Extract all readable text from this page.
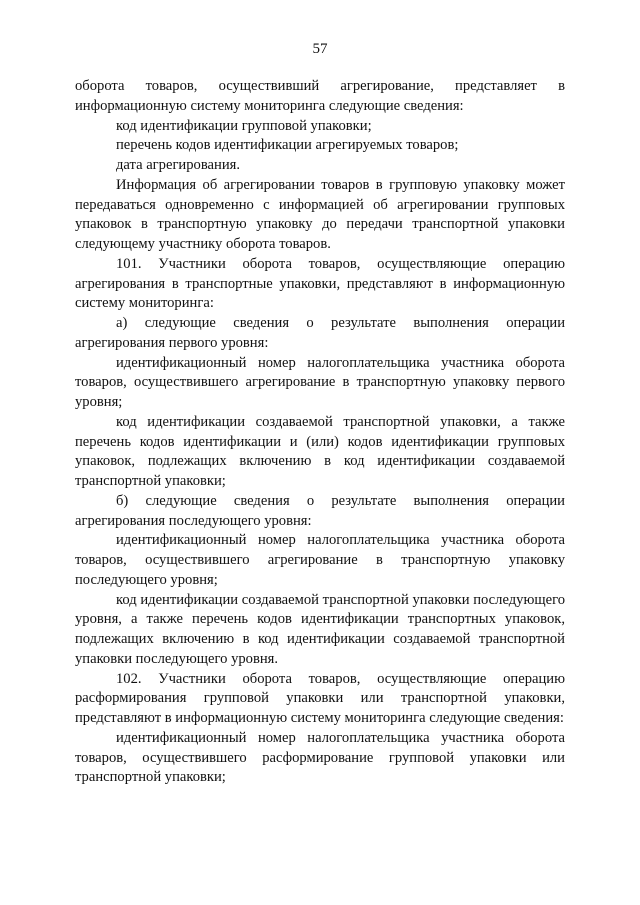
57

оборота товаров, осуществивший агрегирование, представляет в информационную систему мониторинга следующие сведения:

код идентификации групповой упаковки;

перечень кодов идентификации агрегируемых товаров;

дата агрегирования.

Информация об агрегировании товаров в групповую упаковку может передаваться одновременно с информацией об агрегировании групповых упаковок в транспортную упаковку до передачи транспортной упаковки следующему участнику оборота товаров.

101. Участники оборота товаров, осуществляющие операцию агрегирования в транспортные упаковки, представляют в информационную систему мониторинга:

а) следующие сведения о результате выполнения операции агрегирования первого уровня:

идентификационный номер налогоплательщика участника оборота товаров, осуществившего агрегирование в транспортную упаковку первого уровня;

код идентификации создаваемой транспортной упаковки, а также перечень кодов идентификации и (или) кодов идентификации групповых упаковок, подлежащих включению в код идентификации создаваемой транспортной упаковки;

б) следующие сведения о результате выполнения операции агрегирования последующего уровня:

идентификационный номер налогоплательщика участника оборота товаров, осуществившего агрегирование в транспортную упаковку последующего уровня;

код идентификации создаваемой транспортной упаковки последующего уровня, а также перечень кодов идентификации транспортных упаковок, подлежащих включению в код идентификации создаваемой транспортной упаковки последующего уровня.

102. Участники оборота товаров, осуществляющие операцию расформирования групповой упаковки или транспортной упаковки, представляют в информационную систему мониторинга следующие сведения:

идентификационный номер налогоплательщика участника оборота товаров, осуществившего расформирование групповой упаковки или транспортной упаковки;
